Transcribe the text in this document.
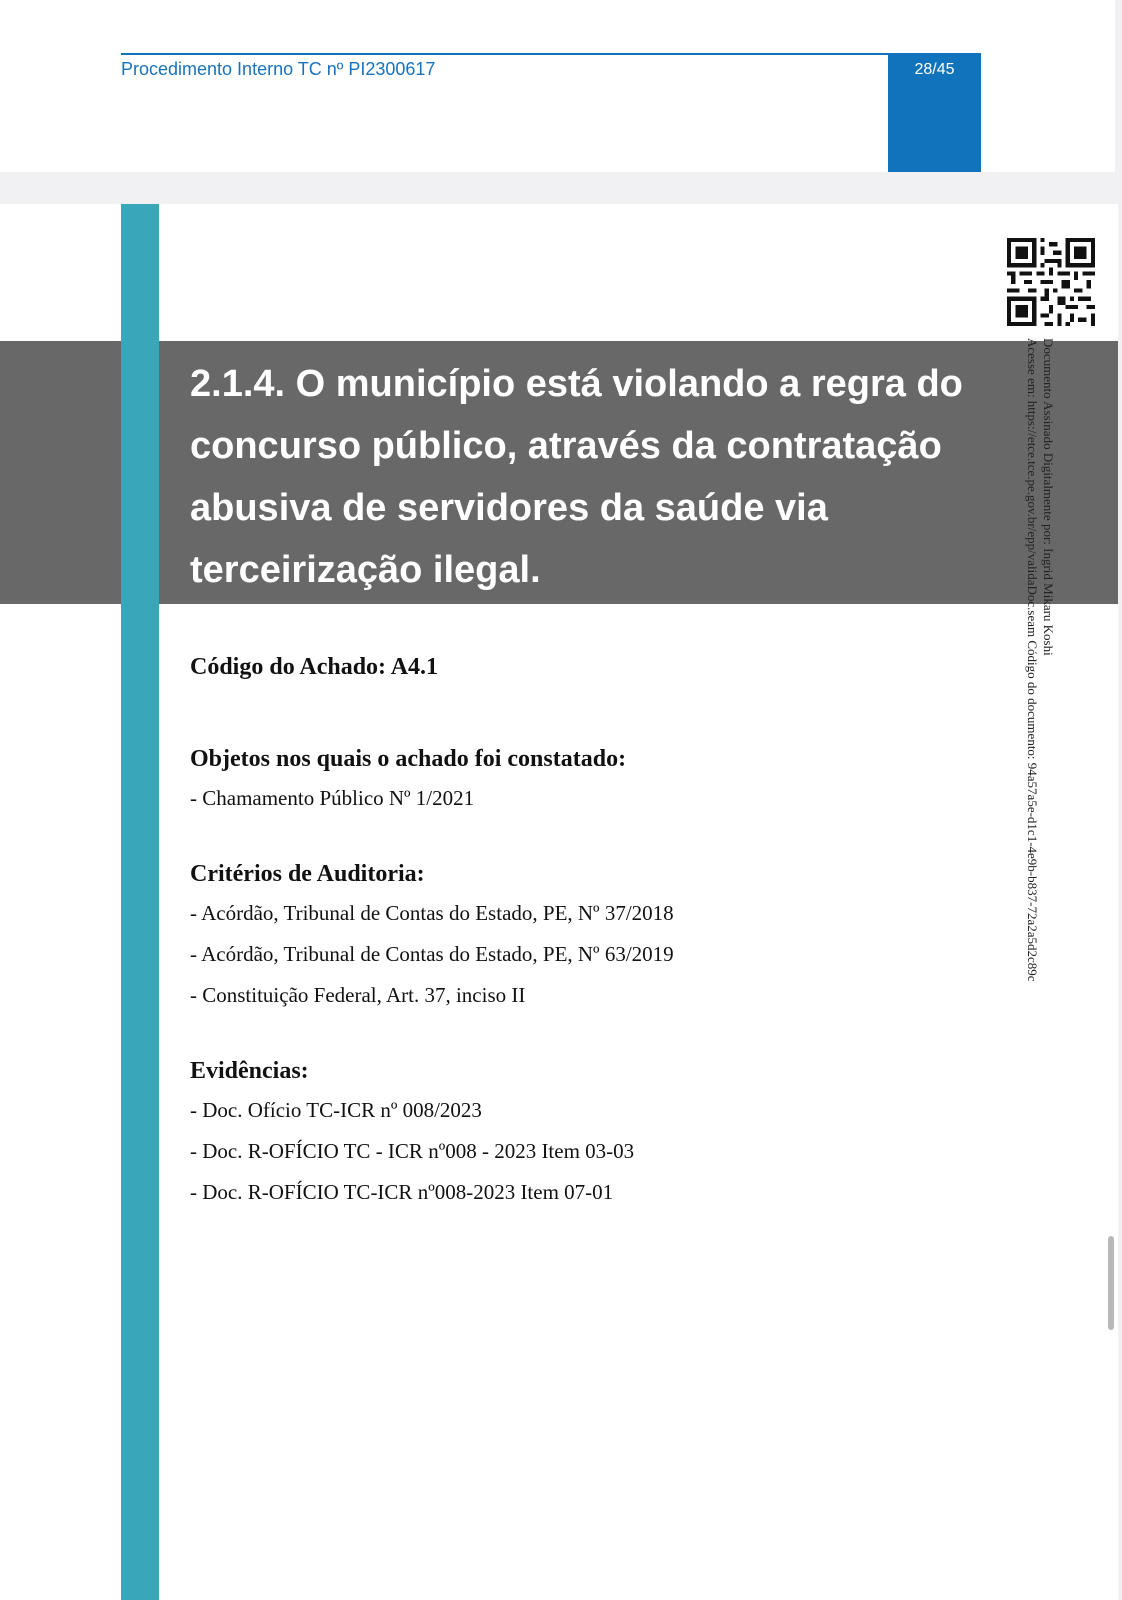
Procedimento Interno TC nº PI2300617	28/45
2.1.4. O município está violando a regra do concurso público, através da contratação abusiva de servidores da saúde via terceirização ilegal.	Documento Assinado Digitalmente por: Ingrid Mikaru Koshi
Acesse em: https://etce.tce.pe.gov.br/epp/validaDoc.seam Código do documento: 94a57a5e-d1c1-4e9b-b837-72a2a5d2c89c

Código do Achado: A4.1

Objetos nos quais o achado foi constatado:

- Chamamento Público Nº 1/2021

Critérios de Auditoria:

- Acórdão, Tribunal de Contas do Estado, PE, Nº 37/2018

- Acórdão, Tribunal de Contas do Estado, PE, Nº 63/2019

- Constituição Federal, Art. 37, inciso II

Evidências:

- Doc. Ofício TC-ICR nº 008/2023

- Doc. R-OFÍCIO TC - ICR nº008 - 2023 Item 03-03

- Doc. R-OFÍCIO TC-ICR nº008-2023 Item 07-01
